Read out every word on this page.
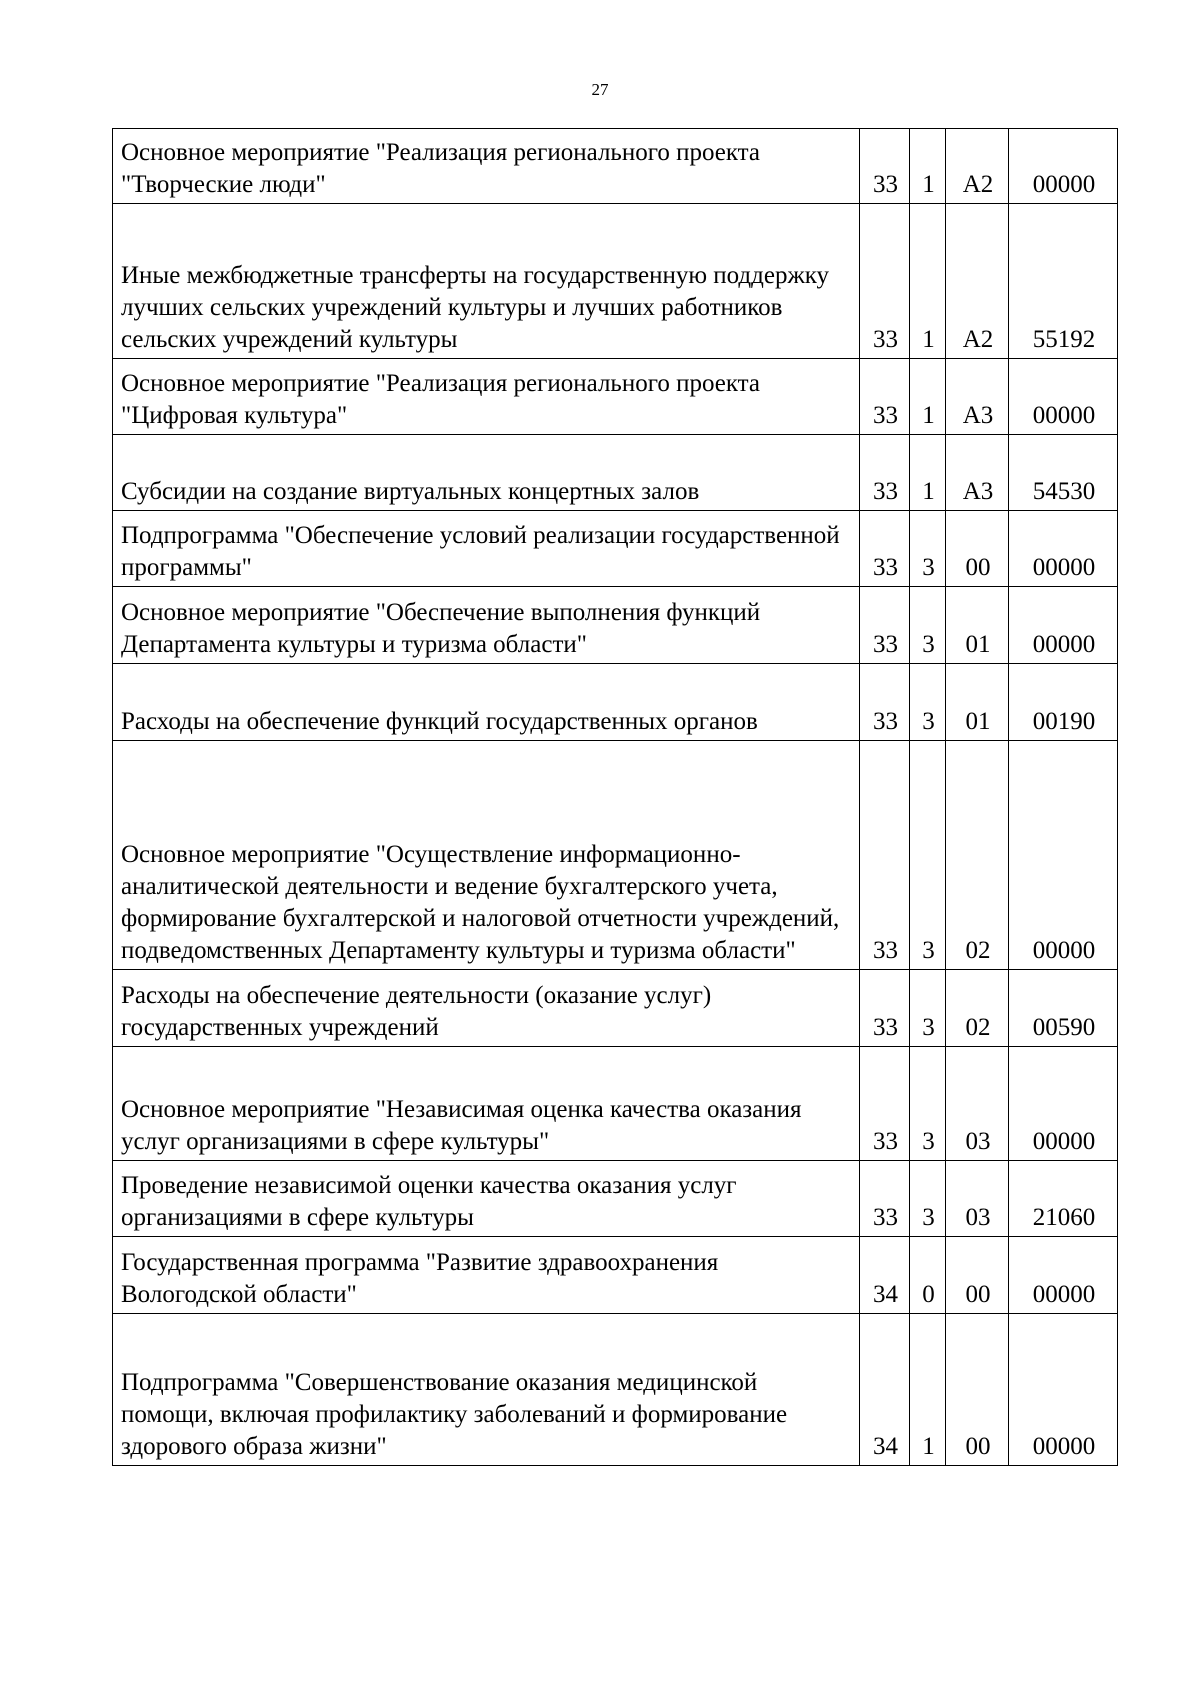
27
Основное мероприятие "Реализация регионального проекта "Творческие люди"	33	1	А2	00000
Иные межбюджетные трансферты на государственную поддержку лучших сельских учреждений культуры и лучших работников сельских учреждений культуры	33	1	А2	55192
Основное мероприятие "Реализация регионального проекта "Цифровая культура"	33	1	А3	00000
Субсидии на создание виртуальных концертных залов	33	1	А3	54530
Подпрограмма "Обеспечение условий реализации государственной программы"	33	3	00	00000
Основное мероприятие "Обеспечение выполнения функций Департамента культуры и туризма области"	33	3	01	00000
Расходы на обеспечение функций государственных органов	33	3	01	00190
Основное мероприятие "Осуществление информационно-аналитической деятельности и ведение бухгалтерского учета, формирование бухгалтерской и налоговой отчетности учреждений, подведомственных Департаменту культуры и туризма области"	33	3	02	00000
Расходы на обеспечение деятельности (оказание услуг) государственных учреждений	33	3	02	00590
Основное мероприятие "Независимая оценка качества оказания услуг организациями в сфере культуры"	33	3	03	00000
Проведение независимой оценки качества оказания услуг организациями в сфере культуры	33	3	03	21060
Государственная программа "Развитие здравоохранения Вологодской области"	34	0	00	00000
Подпрограмма "Совершенствование оказания медицинской помощи, включая профилактику заболеваний и формирование здорового образа жизни"	34	1	00	00000
